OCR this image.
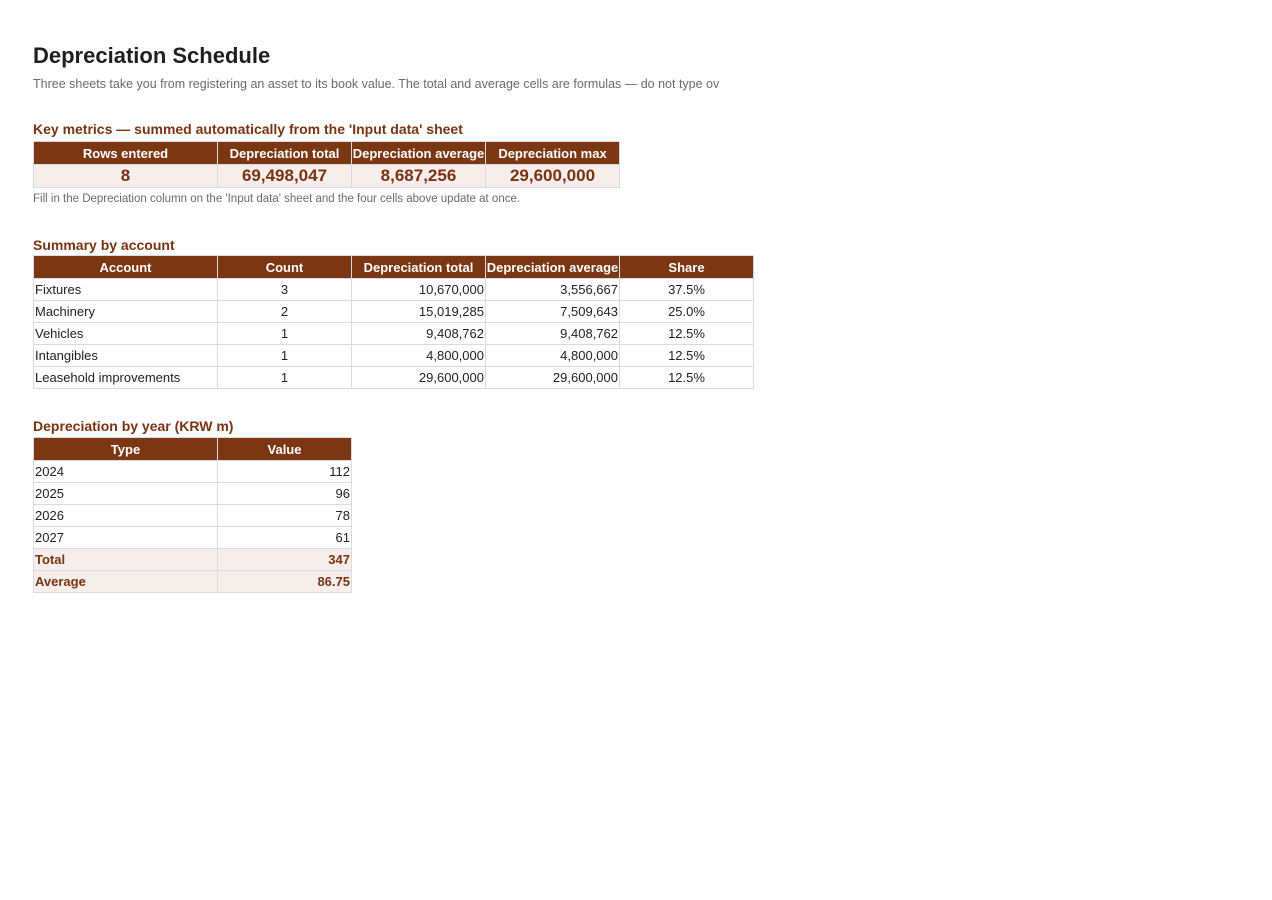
Depreciation Schedule
Three sheets take you from registering an asset to its book value. The total and average cells are formulas — do not type ov
Key metrics — summed automatically from the 'Input data' sheet
Rows entered	Depreciation total	Depreciation average	Depreciation max
8	69,498,047	8,687,256	29,600,000
Fill in the Depreciation column on the 'Input data' sheet and the four cells above update at once.
Summary by account
Account	Count	Depreciation total	Depreciation average	Share
Fixtures	3	10,670,000	3,556,667	37.5%
Machinery	2	15,019,285	7,509,643	25.0%
Vehicles	1	9,408,762	9,408,762	12.5%
Intangibles	1	4,800,000	4,800,000	12.5%
Leasehold improvements	1	29,600,000	29,600,000	12.5%
Depreciation by year (KRW m)
Type	Value
2024	112
2025	96
2026	78
2027	61
Total	347
Average	86.75
